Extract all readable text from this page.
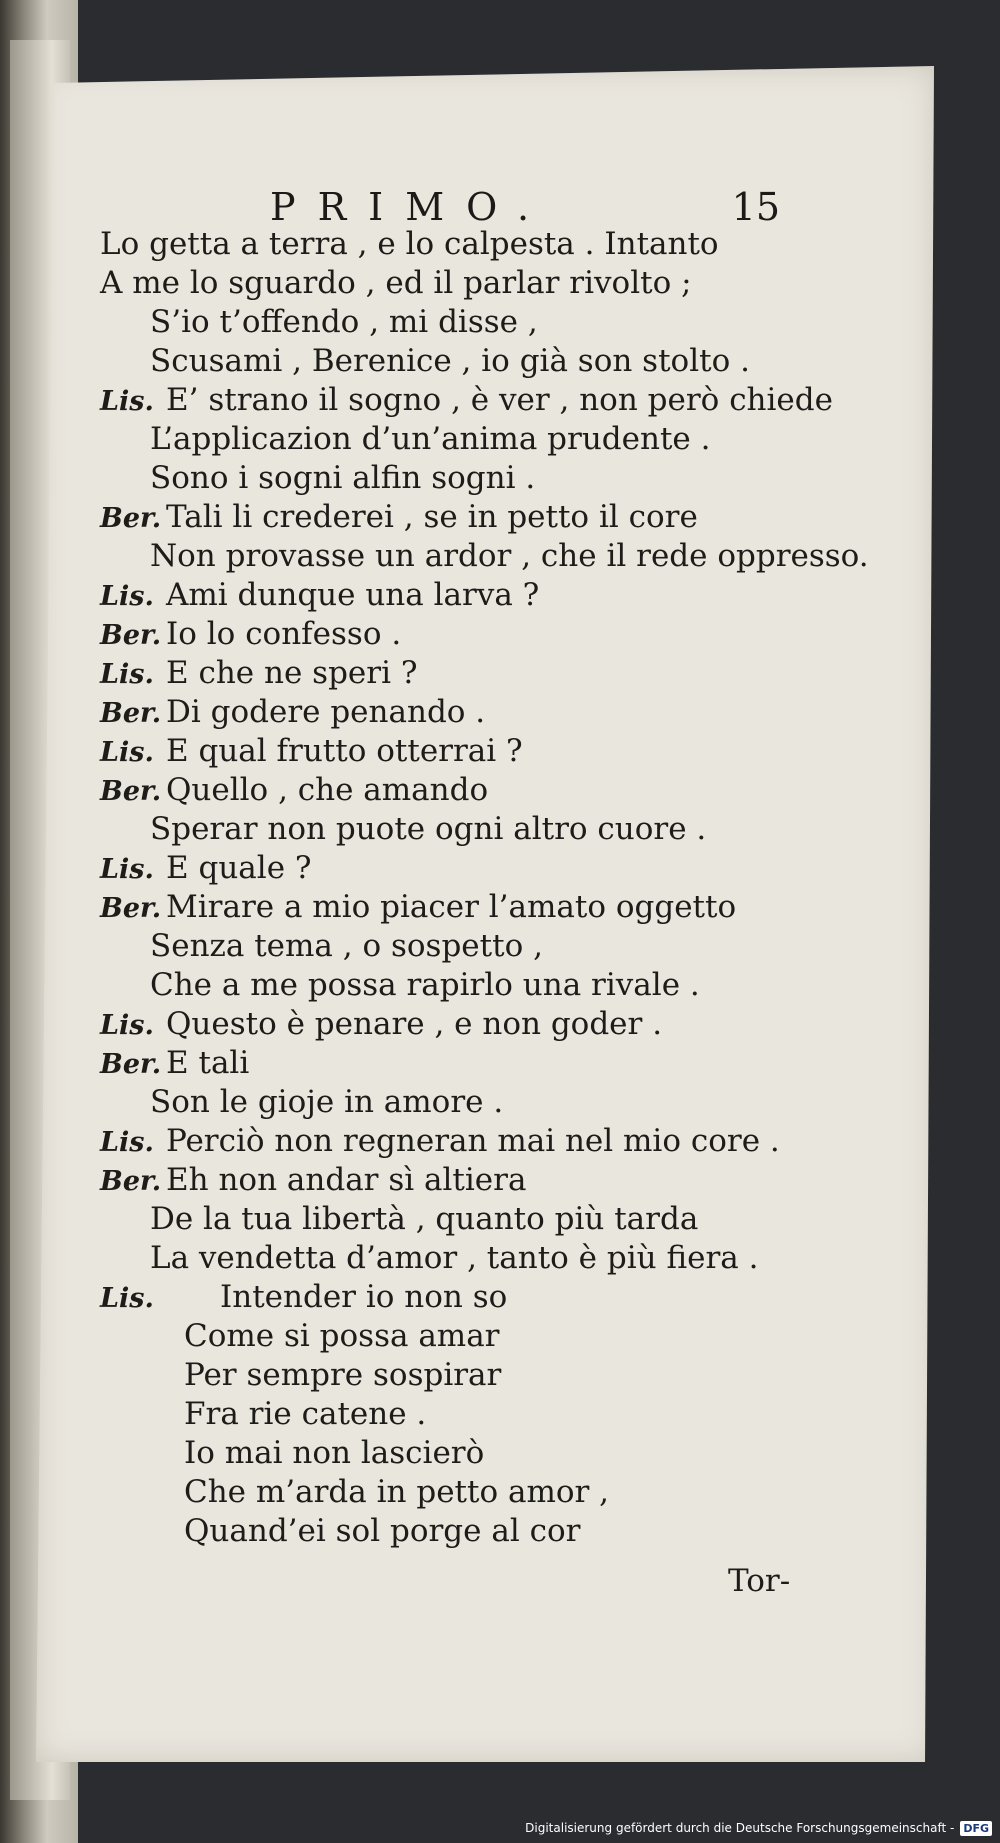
PRIMO.	15
Lo getta a terra , e lo calpesta . Intanto
A me lo sguardo , ed il parlar rivolto ;
S’io t’offendo , mi disse ,
Scusami , Berenice , io già son stolto .
Lis. E’ strano il sogno , è ver , non però chiede
L’applicazion d’un’anima prudente .
Sono i sogni alfin sogni .
Ber. Tali li crederei , se in petto il core
Non provasse un ardor , che il rede oppresso.
Lis. Ami dunque una larva ?
Ber. Io lo confesso .
Lis. E che ne speri ?
Ber. Di godere penando .
Lis. E qual frutto otterrai ?
Ber. Quello , che amando
Sperar non puote ogni altro cuore .
Lis. E quale ?
Ber. Mirare a mio piacer l’amato oggetto
Senza tema , o sospetto ,
Che a me possa rapirlo una rivale .
Lis. Questo è penare , e non goder .
Ber. E tali
Son le gioje in amore .
Lis. Perciò non regneran mai nel mio core .
Ber. Eh non andar sì altiera
De la tua libertà , quanto più tarda
La vendetta d’amor , tanto è più fiera .
Lis. Intender io non so
Come si possa amar
Per sempre sospirar
Fra rie catene .
Io mai non lascierò
Che m’arda in petto amor ,
Quand’ei sol porge al cor
Tor-
Digitalisierung gefördert durch die Deutsche Forschungsgemeinschaft - DFG
